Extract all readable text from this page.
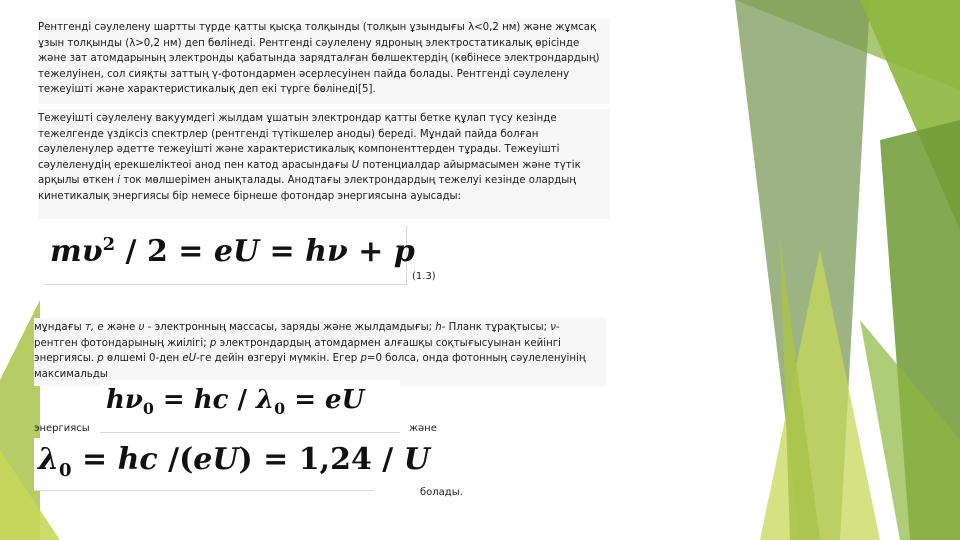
Рентгенді сәулелену шартты түрде қатты қысқа толқынды (толқын ұзындығы λ<0,2 нм) және жұмсақ ұзын толқынды (λ>0,2 нм) деп бөлінеді. Рентгенді сәулелену ядроның электростатикалық өрісінде және зат атомдарының электронды қабатында зарядталған бөлшектердің (көбінесе электрондардың) тежелуінен, сол сияқты заттың γ-фотондармен әсерлесуінен пайда болады. Рентгенді сәулелену тежеуішті және характеристикалық деп екі түрге бөлінеді[5].

Тежеуішті сәулелену вакуумдегі жылдам ұшатын электрондар қатты бетке құлап түсу кезінде тежелгенде үздіксіз спектрлер (рентгенді түтікшелер аноды) береді. Мұндай пайда болған сәулеленулер әдетте тежеуішті және характеристикалық компоненттерден тұрады. Тежеуішті сәулеленудің ерекшеліктеоі анод пен катод арасындағы U потенциалдар айырмасымен және түтік арқылы өткен i ток мөлшерімен анықталады. Анодтағы электрондардың тежелуі кезінде олардың кинетикалық энергиясы бір немесе бірнеше фотондар энергиясына ауысады:

$m\upsilon^2 / 2$ = eU = hν + p
(1.3)

мұндағы т, е және υ - электронның массасы, заряды және жылдамдығы; h- Планк тұрақтысы; ν- рентген фотондарының жиілігі; р электрондардың атомдармен алғашқы соқтығысуынан кейінгі энергиясы. р өлшемі 0-ден eU-ге дейін өзгеруі мүмкін. Егер р=0 болса, онда фотонның сәулеленуінің максимальды

$h\nu_0$ = hc / $\lambda_0$ = eU
энергиясы	және
$\lambda_0$ = hc /(eU) = 1,24 / U
болады.
